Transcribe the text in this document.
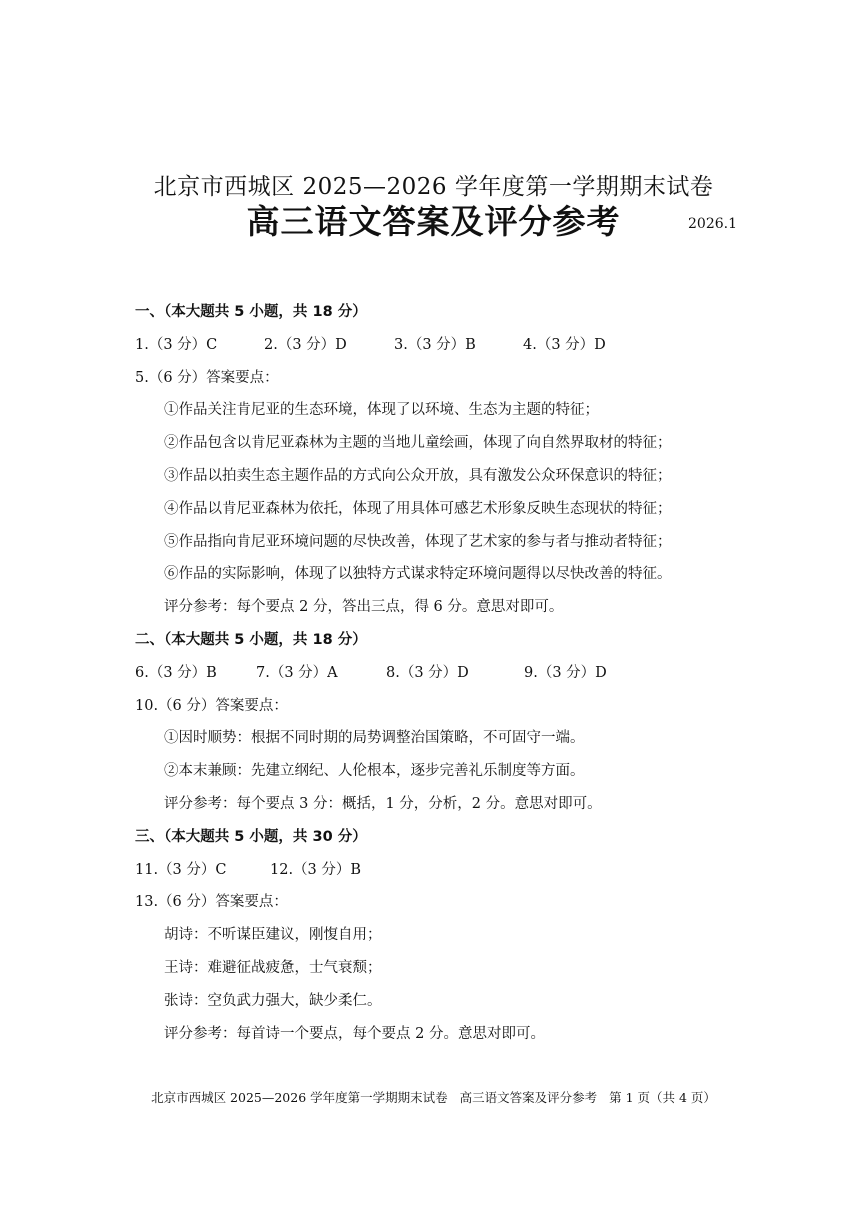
北京市西城区 2025—2026 学年度第一学期期末试卷
高三语文答案及评分参考	2026.1
一、（本大题共 5 小题，共 18 分）
1.（3 分）C	2.（3 分）D	3.（3 分）B	4.（3 分）D
5.（6 分）答案要点：
①作品关注肯尼亚的生态环境，体现了以环境、生态为主题的特征；
②作品包含以肯尼亚森林为主题的当地儿童绘画，体现了向自然界取材的特征；
③作品以拍卖生态主题作品的方式向公众开放，具有激发公众环保意识的特征；
④作品以肯尼亚森林为依托，体现了用具体可感艺术形象反映生态现状的特征；
⑤作品指向肯尼亚环境问题的尽快改善，体现了艺术家的参与者与推动者特征；
⑥作品的实际影响，体现了以独特方式谋求特定环境问题得以尽快改善的特征。
评分参考：每个要点 2 分，答出三点，得 6 分。意思对即可。
二、（本大题共 5 小题，共 18 分）
6.（3 分）B	7.（3 分）A	8.（3 分）D	9.（3 分）D
10.（6 分）答案要点：
①因时顺势：根据不同时期的局势调整治国策略，不可固守一端。
②本末兼顾：先建立纲纪、人伦根本，逐步完善礼乐制度等方面。
评分参考：每个要点 3 分：概括，1 分，分析，2 分。意思对即可。
三、（本大题共 5 小题，共 30 分）
11.（3 分）C	12.（3 分）B
13.（6 分）答案要点：
胡诗：不听谋臣建议，刚愎自用；
王诗：难避征战疲惫，士气衰颓；
张诗：空负武力强大，缺少柔仁。
评分参考：每首诗一个要点，每个要点 2 分。意思对即可。
北京市西城区 2025—2026 学年度第一学期期末试卷 高三语文答案及评分参考 第 1 页（共 4 页）
